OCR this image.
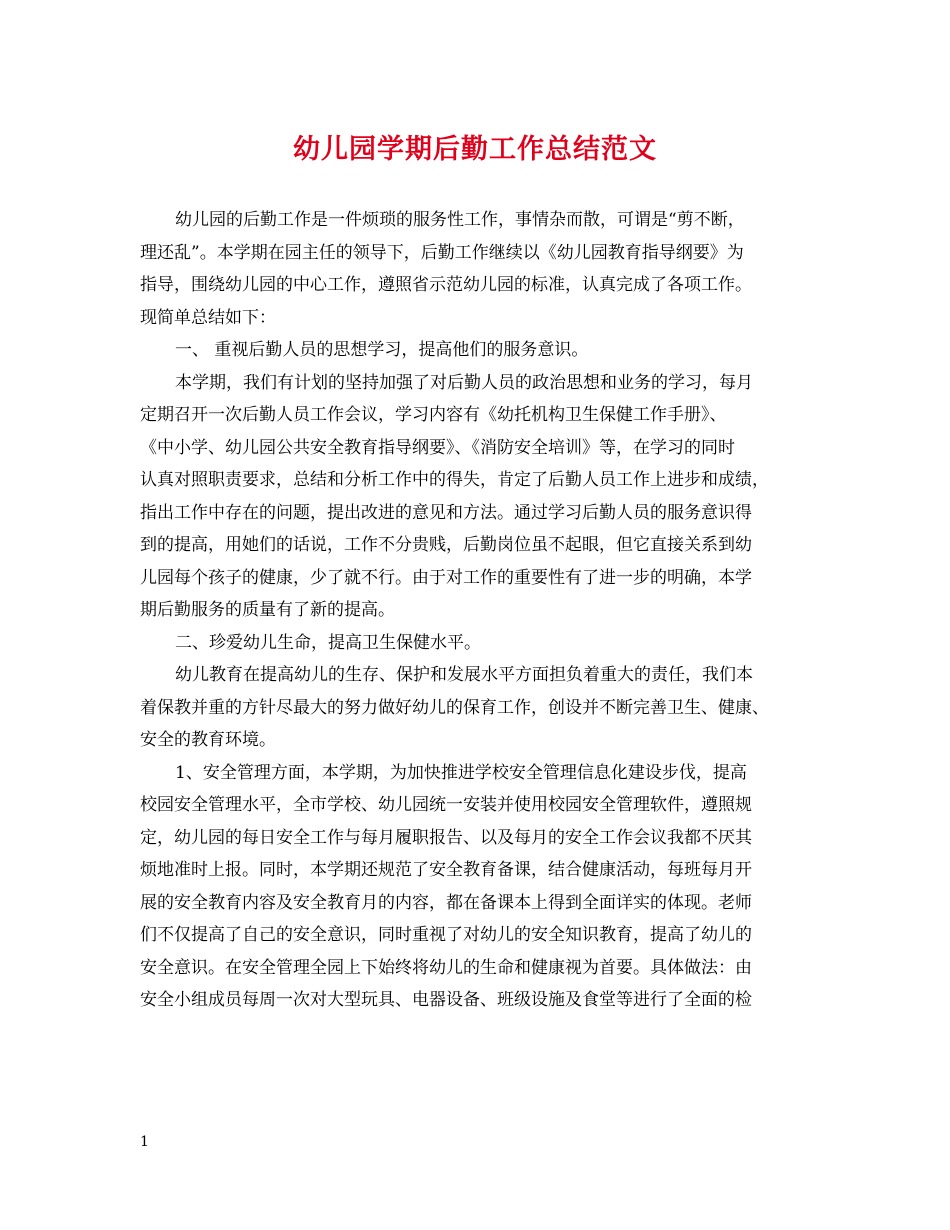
幼儿园学期后勤工作总结范文

幼儿园的后勤工作是一件烦琐的服务性工作，事情杂而散，可谓是“剪不断，

理还乱”。本学期在园主任的领导下，后勤工作继续以《幼儿园教育指导纲要》为

指导，围绕幼儿园的中心工作，遵照省示范幼儿园的标准，认真完成了各项工作。

现简单总结如下：

一、 重视后勤人员的思想学习，提高他们的服务意识。

本学期，我们有计划的坚持加强了对后勤人员的政治思想和业务的学习，每月

定期召开一次后勤人员工作会议，学习内容有《幼托机构卫生保健工作手册》、

《中小学、幼儿园公共安全教育指导纲要》、《消防安全培训》等，在学习的同时

认真对照职责要求，总结和分析工作中的得失，肯定了后勤人员工作上进步和成绩，

指出工作中存在的问题，提出改进的意见和方法。通过学习后勤人员的服务意识得

到的提高，用她们的话说，工作不分贵贱，后勤岗位虽不起眼，但它直接关系到幼

儿园每个孩子的健康，少了就不行。由于对工作的重要性有了进一步的明确，本学

期后勤服务的质量有了新的提高。

二、珍爱幼儿生命，提高卫生保健水平。

幼儿教育在提高幼儿的生存、保护和发展水平方面担负着重大的责任，我们本

着保教并重的方针尽最大的努力做好幼儿的保育工作，创设并不断完善卫生、健康、

安全的教育环境。

1、安全管理方面，本学期，为加快推进学校安全管理信息化建设步伐，提高

校园安全管理水平，全市学校、幼儿园统一安装并使用校园安全管理软件，遵照规

定，幼儿园的每日安全工作与每月履职报告、以及每月的安全工作会议我都不厌其

烦地准时上报。同时，本学期还规范了安全教育备课，结合健康活动，每班每月开

展的安全教育内容及安全教育月的内容，都在备课本上得到全面详实的体现。老师

们不仅提高了自己的安全意识，同时重视了对幼儿的安全知识教育，提高了幼儿的

安全意识。在安全管理全园上下始终将幼儿的生命和健康视为首要。具体做法：由

安全小组成员每周一次对大型玩具、电器设备、班级设施及食堂等进行了全面的检

1
